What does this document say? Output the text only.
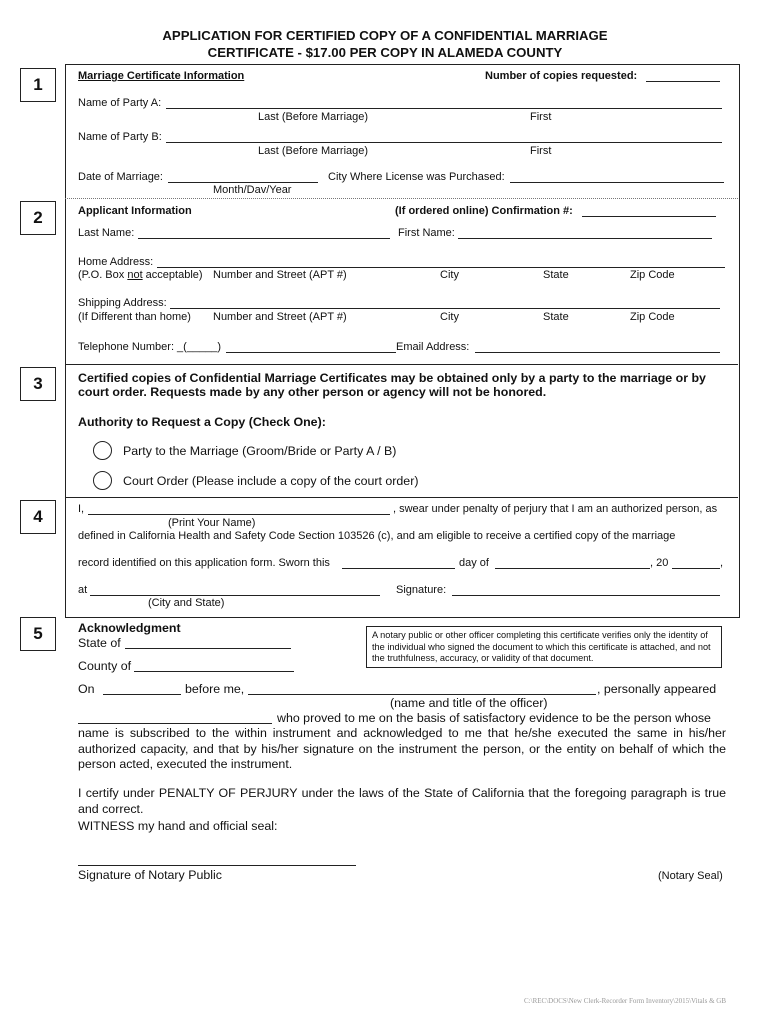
APPLICATION FOR CERTIFIED COPY OF A CONFIDENTIAL MARRIAGE
CERTIFICATE - $17.00 PER COPY IN ALAMEDA COUNTY
1
2
3
4
5
Marriage Certificate Information	Number of copies requested:
Name of Party A:
Last (Before Marriage)	First
Name of Party B:
Last (Before Marriage)	First
Date of Marriage:
Month/Dav/Year
City Where License was Purchased:
Applicant Information	(If ordered online) Confirmation #:
Last Name:	First Name:
Home Address:
(P.O. Box not acceptable) Number and Street (APT #)	City	State	Zip Code
Shipping Address:
(If Different than home) Number and Street (APT #)	City	State	Zip Code
Telephone Number: _(_____)	Email Address:
Certified copies of Confidential Marriage Certificates may be obtained only by a party to the marriage or by
court order. Requests made by any other person or agency will not be honored.
Authority to Request a Copy (Check One):
Party to the Marriage (Groom/Bride or Party A / B)
Court Order (Please include a copy of the court order)
I,	, swear under penalty of perjury that I am an authorized person, as
(Print Your Name)
defined in California Health and Safety Code Section 103526 (c), and am eligible to receive a certified copy of the marriage
record identified on this application form. Sworn this	day of	, 20	,
at	Signature:
(City and State)
Acknowledgment
State of
County of
A notary public or other officer completing this certificate verifies only the identity of the individual who signed the document to which this certificate is attached, and not the truthfulness, accuracy, or validity of that document.
On	before me,	, personally appeared
(name and title of the officer)
who proved to me on the basis of satisfactory evidence to be the person whose
name is subscribed to the within instrument and acknowledged to me that he/she executed the same in his/her authorized capacity, and that by his/her signature on the instrument the person, or the entity on behalf of which the person acted, executed the instrument.
I certify under PENALTY OF PERJURY under the laws of the State of California that the foregoing paragraph is true and correct.
WITNESS my hand and official seal:
Signature of Notary Public	(Notary Seal)
C:\REC\DOCS\New Clerk-Recorder Form Inventory\2015\Vitals & GB
